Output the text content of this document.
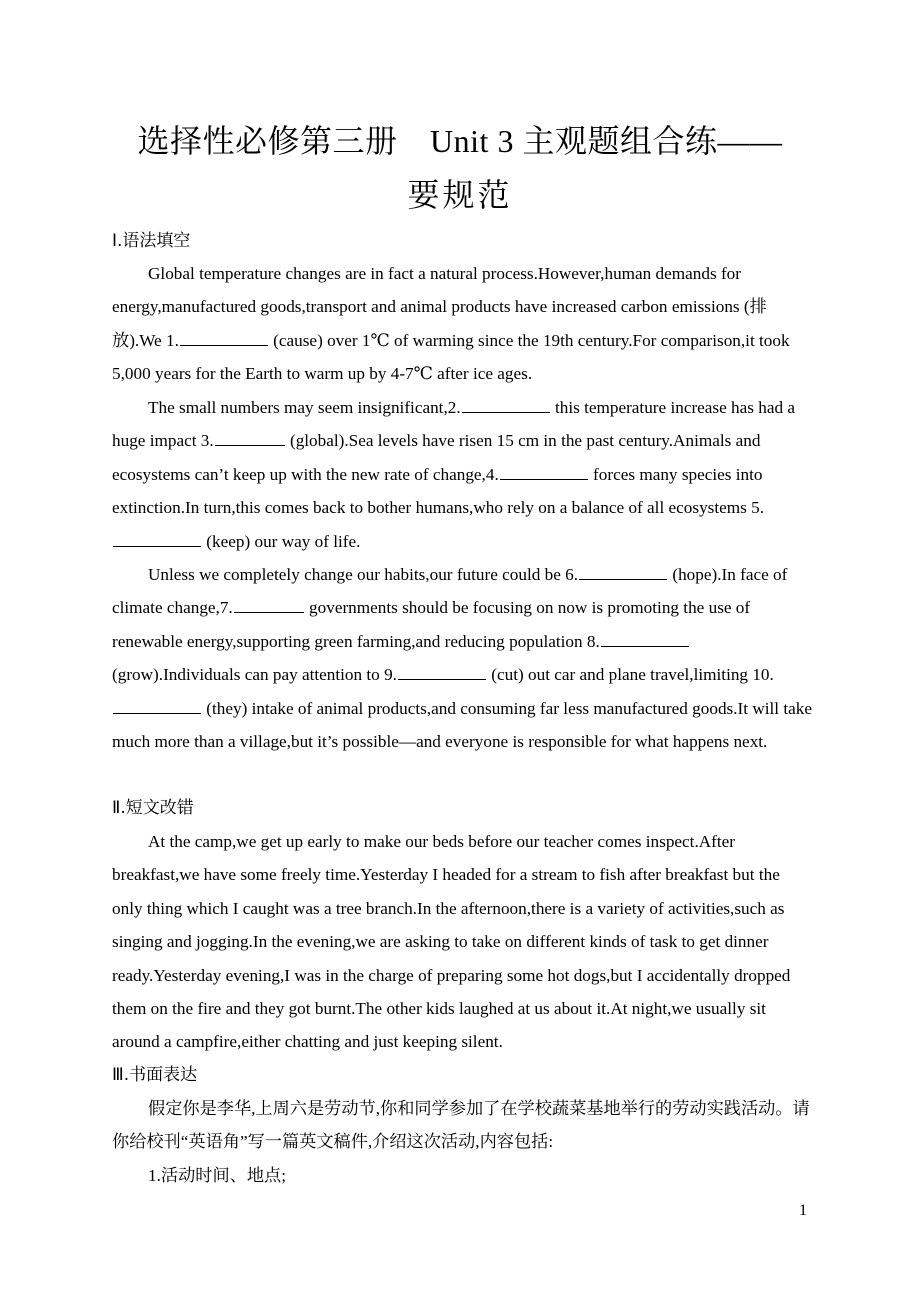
选择性必修第三册　Unit 3 主观题组合练——
要规范
Ⅰ.语法填空

Global temperature changes are in fact a natural process.However,human demands for energy,manufactured goods,transport and animal products have increased carbon emissions (排放).We 1.	(cause) over 1℃ of warming since the 19th century.For comparison,it took 5,000 years for the Earth to warm up by 4-7℃ after ice ages.

The small numbers may seem insignificant,2.	this temperature increase has had a huge impact 3.	(global).Sea levels have risen 15 cm in the past century.Animals and ecosystems can’t keep up with the new rate of change,4.	forces many species into extinction.In turn,this comes back to bother humans,who rely on a balance of all ecosystems 5. (keep) our way of life.

Unless we completely change our habits,our future could be 6.	(hope).In face of climate change,7.	governments should be focusing on now is promoting the use of renewable energy,supporting green farming,and reducing population 8. (grow).Individuals can pay attention to 9.	(cut) out car and plane travel,limiting 10. (they) intake of animal products,and consuming far less manufactured goods.It will take much more than a village,but it’s possible—and everyone is responsible for what happens next.

Ⅱ.短文改错

At the camp,we get up early to make our beds before our teacher comes inspect.After breakfast,we have some freely time.Yesterday I headed for a stream to fish after breakfast but the only thing which I caught was a tree branch.In the afternoon,there is a variety of activities,such as singing and jogging.In the evening,we are asking to take on different kinds of task to get dinner ready.Yesterday evening,I was in the charge of preparing some hot dogs,but I accidentally dropped them on the fire and they got burnt.The other kids laughed at us about it.At night,we usually sit around a campfire,either chatting and just keeping silent.

Ⅲ.书面表达

假定你是李华,上周六是劳动节,你和同学参加了在学校蔬菜基地举行的劳动实践活动。请你给校刊“英语角”写一篇英文稿件,介绍这次活动,内容包括:

1.活动时间、地点;

1
